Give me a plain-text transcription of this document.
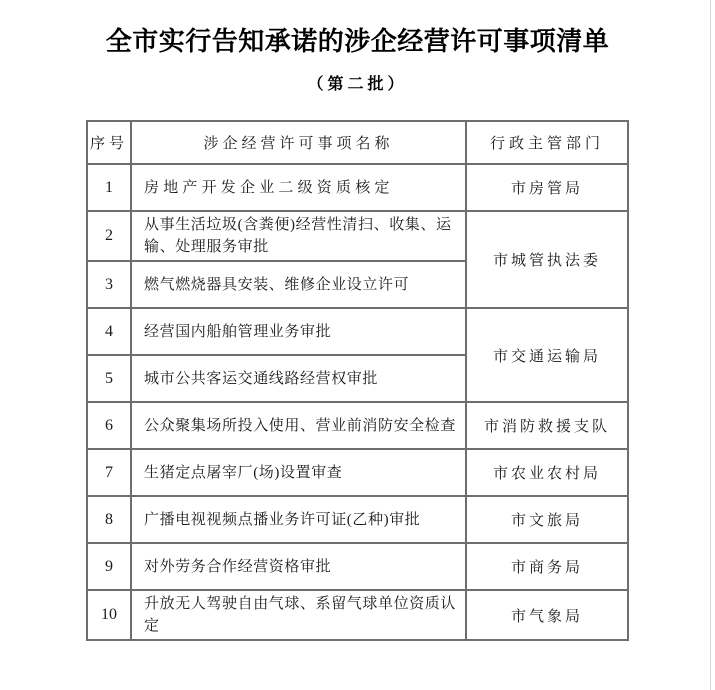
全市实行告知承诺的涉企经营许可事项清单
（第二批）
序号	涉企经营许可事项名称	行政主管部门
1	房地产开发企业二级资质核定	市房管局
2	从事生活垃圾(含粪便)经营性清扫、收集、运输、处理服务审批	市城管执法委
3	燃气燃烧器具安装、维修企业设立许可	
4	经营国内船舶管理业务审批	市交通运输局
5	城市公共客运交通线路经营权审批	
6	公众聚集场所投入使用、营业前消防安全检查	市消防救援支队
7	生猪定点屠宰厂(场)设置审查	市农业农村局
8	广播电视视频点播业务许可证(乙种)审批	市文旅局
9	对外劳务合作经营资格审批	市商务局
10	升放无人驾驶自由气球、系留气球单位资质认定	市气象局
